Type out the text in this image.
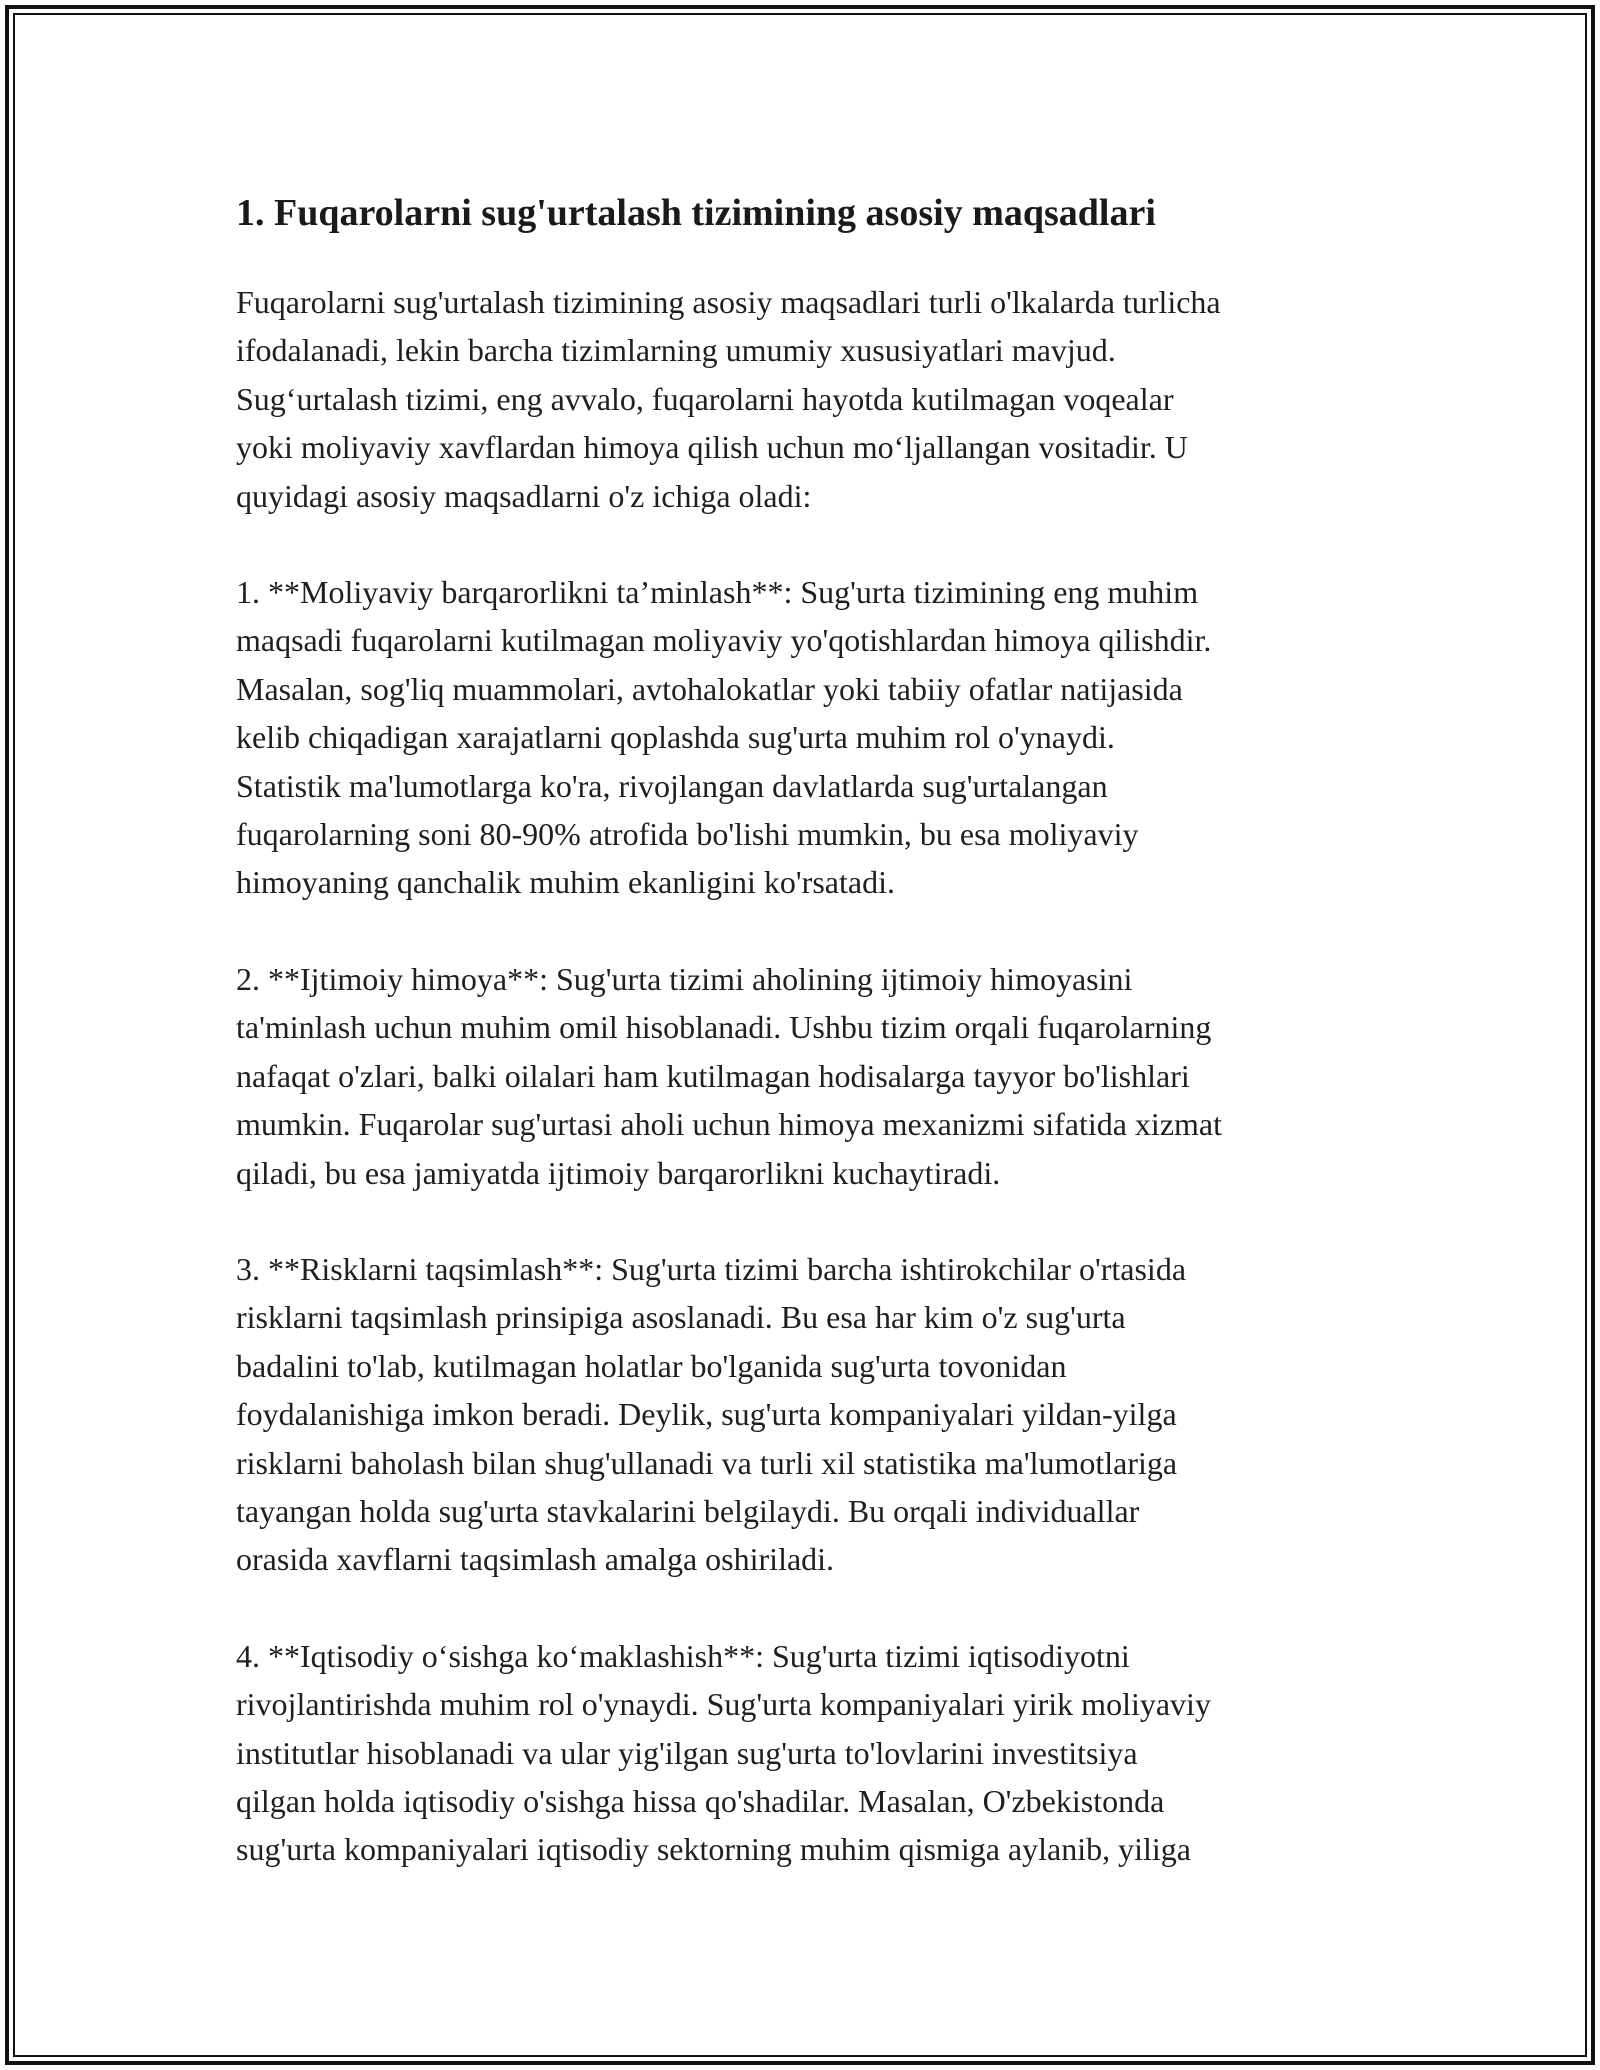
1. Fuqarolarni sug'urtalash tizimining asosiy maqsadlari

Fuqarolarni sug'urtalash tizimining asosiy maqsadlari turli o'lkalarda turlicha
ifodalanadi, lekin barcha tizimlarning umumiy xususiyatlari mavjud.
Sug‘urtalash tizimi, eng avvalo, fuqarolarni hayotda kutilmagan voqealar
yoki moliyaviy xavflardan himoya qilish uchun mo‘ljallangan vositadir. U
quyidagi asosiy maqsadlarni o'z ichiga oladi:

1. **Moliyaviy barqarorlikni ta’minlash**: Sug'urta tizimining eng muhim
maqsadi fuqarolarni kutilmagan moliyaviy yo'qotishlardan himoya qilishdir.
Masalan, sog'liq muammolari, avtohalokatlar yoki tabiiy ofatlar natijasida
kelib chiqadigan xarajatlarni qoplashda sug'urta muhim rol o'ynaydi.
Statistik ma'lumotlarga ko'ra, rivojlangan davlatlarda sug'urtalangan
fuqarolarning soni 80-90% atrofida bo'lishi mumkin, bu esa moliyaviy
himoyaning qanchalik muhim ekanligini ko'rsatadi.

2. **Ijtimoiy himoya**: Sug'urta tizimi aholining ijtimoiy himoyasini
ta'minlash uchun muhim omil hisoblanadi. Ushbu tizim orqali fuqarolarning
nafaqat o'zlari, balki oilalari ham kutilmagan hodisalarga tayyor bo'lishlari
mumkin. Fuqarolar sug'urtasi aholi uchun himoya mexanizmi sifatida xizmat
qiladi, bu esa jamiyatda ijtimoiy barqarorlikni kuchaytiradi.

3. **Risklarni taqsimlash**: Sug'urta tizimi barcha ishtirokchilar o'rtasida
risklarni taqsimlash prinsipiga asoslanadi. Bu esa har kim o'z sug'urta
badalini to'lab, kutilmagan holatlar bo'lganida sug'urta tovonidan
foydalanishiga imkon beradi. Deylik, sug'urta kompaniyalari yildan-yilga
risklarni baholash bilan shug'ullanadi va turli xil statistika ma'lumotlariga
tayangan holda sug'urta stavkalarini belgilaydi. Bu orqali individuallar
orasida xavflarni taqsimlash amalga oshiriladi.

4. **Iqtisodiy o‘sishga ko‘maklashish**: Sug'urta tizimi iqtisodiyotni
rivojlantirishda muhim rol o'ynaydi. Sug'urta kompaniyalari yirik moliyaviy
institutlar hisoblanadi va ular yig'ilgan sug'urta to'lovlarini investitsiya
qilgan holda iqtisodiy o'sishga hissa qo'shadilar. Masalan, O'zbekistonda
sug'urta kompaniyalari iqtisodiy sektorning muhim qismiga aylanib, yiliga
